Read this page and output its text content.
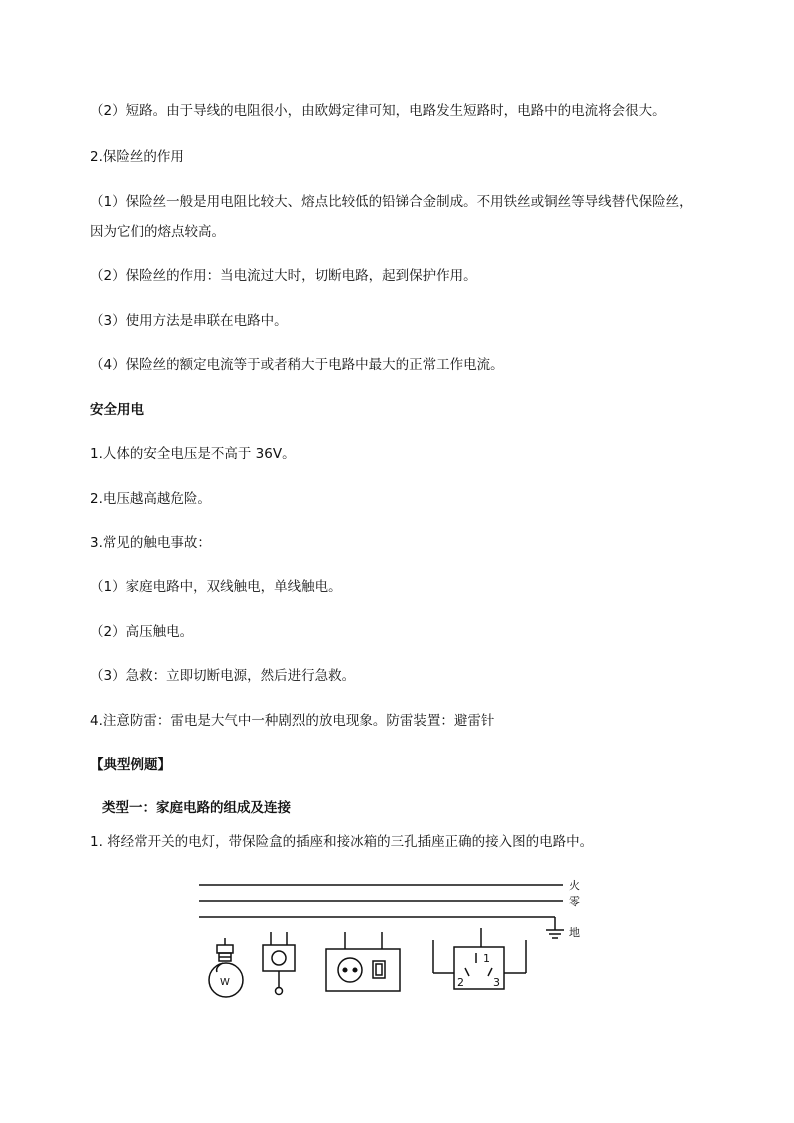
（2）短路。由于导线的电阻很小，由欧姆定律可知，电路发生短路时，电路中的电流将会很大。
2.保险丝的作用
（1）保险丝一般是用电阻比较大、熔点比较低的铅锑合金制成。不用铁丝或铜丝等导线替代保险丝，
因为它们的熔点较高。
（2）保险丝的作用：当电流过大时，切断电路，起到保护作用。
（3）使用方法是串联在电路中。
（4）保险丝的额定电流等于或者稍大于电路中最大的正常工作电流。
安全用电
1.人体的安全电压是不高于 36V。
2.电压越高越危险。
3.常见的触电事故：
（1）家庭电路中，双线触电，单线触电。
（2）高压触电。
（3）急救：立即切断电源，然后进行急救。
4.注意防雷：雷电是大气中一种剧烈的放电现象。防雷装置：避雷针
【典型例题】
类型一：家庭电路的组成及连接
1. 将经常开关的电灯，带保险盒的插座和接冰箱的三孔插座正确的接入图的电路中。
火
零
地
W
1
2	3
